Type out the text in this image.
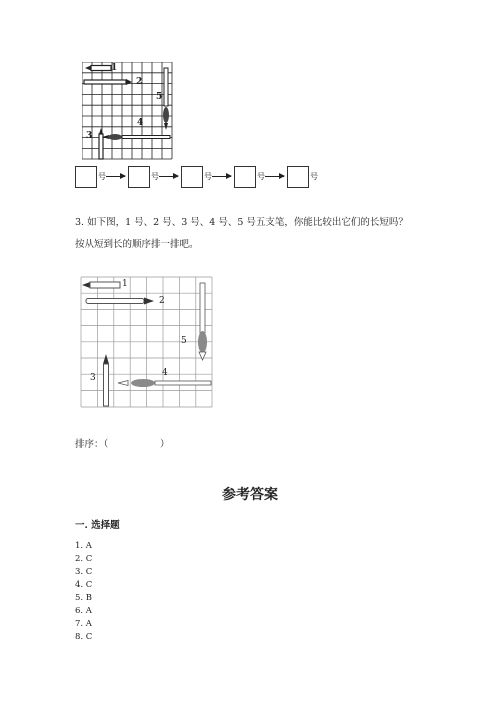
1
2
3
4
5
号	号	号	号	号
3. 如下图，1 号、2 号、3 号、4 号、5 号五支笔，你能比较出它们的长短吗？
按从短到长的顺序排一排吧。
1
2
3	4
5
排序：（	）
参考答案
一. 选择题
1. A
2. C
3. C
4. C
5. B
6. A
7. A
8. C
